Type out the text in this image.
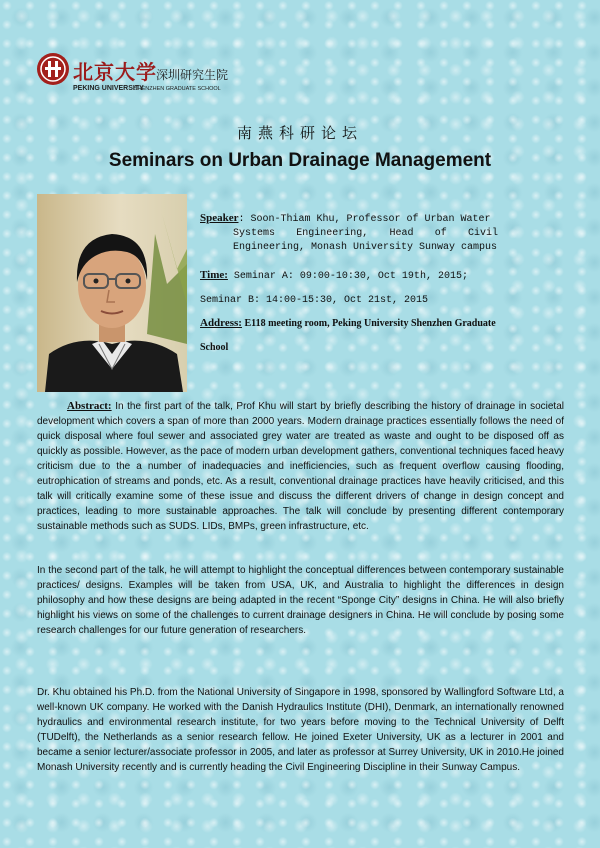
北京大学 深圳研究生院
PEKING UNIVERSITY
SHENZHEN GRADUATE SCHOOL
南燕科研论坛
Seminars on Urban Drainage Management
Speaker: Soon-Thiam Khu, Professor of Urban Water
Systems Engineering, Head of Civil Engineering, Monash University Sunway campus
Time: Seminar A: 09:00-10:30, Oct 19th, 2015; Seminar B: 14:00-15:30, Oct 21st, 2015
Address: E118 meeting room, Peking University Shenzhen Graduate School

Abstract: In the first part of the talk, Prof Khu will start by briefly describing the history of drainage in societal development which covers a span of more than 2000 years. Modern drainage practices essentially follows the need of quick disposal where foul sewer and associated grey water are treated as waste and ought to be disposed off as quickly as possible. However, as the pace of modern urban development gathers, conventional techniques faced heavy criticism due to the a number of inadequacies and inefficiencies, such as frequent overflow causing flooding, eutrophication of streams and ponds, etc. As a result, conventional drainage practices have heavily criticised, and this talk will critically examine some of these issue and discuss the different drivers of change in design concept and practices, leading to more sustainable approaches. The talk will conclude by presenting different contemporary sustainable methods such as SUDS. LIDs, BMPs, green infrastructure, etc.

In the second part of the talk, he will attempt to highlight the conceptual differences between contemporary sustainable practices/ designs. Examples will be taken from USA, UK, and Australia to highlight the differences in design philosophy and how these designs are being adapted in the recent “Sponge City” designs in China. He will also briefly highlight his views on some of the challenges to current drainage designers in China. He will conclude by posing some research challenges for our future generation of researchers.

Dr. Khu obtained his Ph.D. from the National University of Singapore in 1998, sponsored by Wallingford Software Ltd, a well-known UK company. He worked with the Danish Hydraulics Institute (DHI), Denmark, an internationally renowned hydraulics and environmental research institute, for two years before moving to the Technical University of Delft (TUDelft), the Netherlands as a senior research fellow. He joined Exeter University, UK as a lecturer in 2001 and became a senior lecturer/associate professor in 2005, and later as professor at Surrey University, UK in 2010.He joined Monash University recently and is currently heading the Civil Engineering Discipline in their Sunway Campus.
